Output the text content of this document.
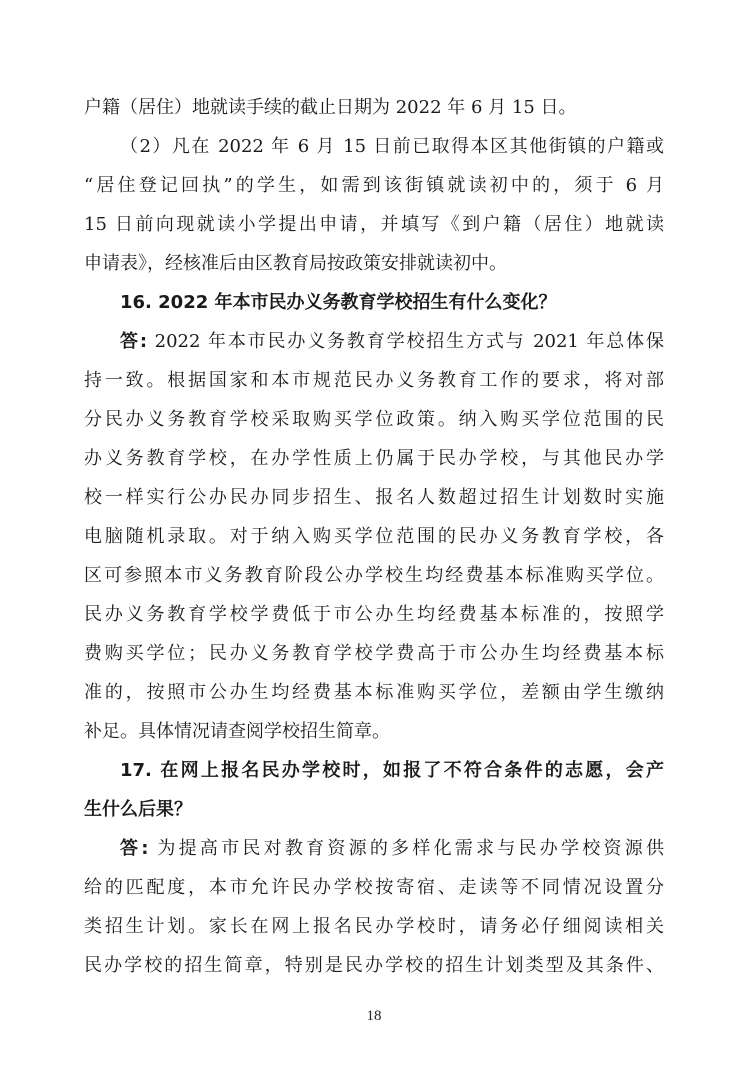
户籍（居住）地就读手续的截止日期为 2022 年 6 月 15 日。
（2）凡在 2022 年 6 月 15 日前已取得本区其他街镇的户籍或
“居住登记回执”的学生，如需到该街镇就读初中的，须于 6 月
15 日前向现就读小学提出申请，并填写《到户籍（居住）地就读
申请表》，经核准后由区教育局按政策安排就读初中。
16. 2022 年本市民办义务教育学校招生有什么变化？
答: 2022 年本市民办义务教育学校招生方式与 2021 年总体保
持一致。根据国家和本市规范民办义务教育工作的要求，将对部
分民办义务教育学校采取购买学位政策。纳入购买学位范围的民
办义务教育学校，在办学性质上仍属于民办学校，与其他民办学
校一样实行公办民办同步招生、报名人数超过招生计划数时实施
电脑随机录取。对于纳入购买学位范围的民办义务教育学校，各
区可参照本市义务教育阶段公办学校生均经费基本标准购买学位。
民办义务教育学校学费低于市公办生均经费基本标准的，按照学
费购买学位；民办义务教育学校学费高于市公办生均经费基本标
准的，按照市公办生均经费基本标准购买学位，差额由学生缴纳
补足。具体情况请查阅学校招生简章。
17. 在网上报名民办学校时，如报了不符合条件的志愿，会产
生什么后果？
答: 为提高市民对教育资源的多样化需求与民办学校资源供
给的匹配度，本市允许民办学校按寄宿、走读等不同情况设置分
类招生计划。家长在网上报名民办学校时，请务必仔细阅读相关
民办学校的招生简章，特别是民办学校的招生计划类型及其条件、
18
